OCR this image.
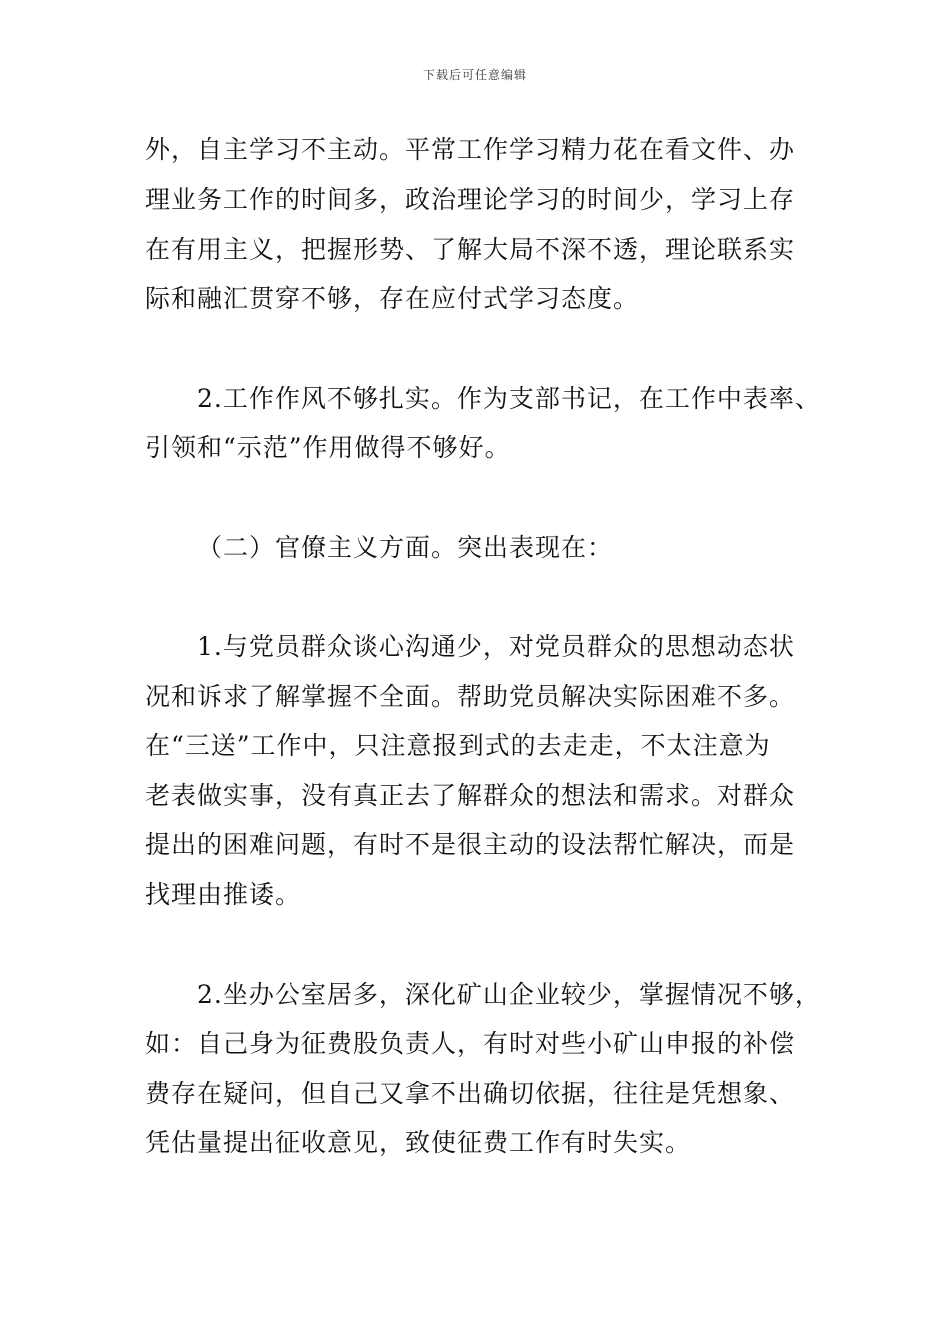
下载后可任意编辑
外，自主学习不主动。平常工作学习精力花在看文件、办
理业务工作的时间多，政治理论学习的时间少，学习上存
在有用主义，把握形势、了解大局不深不透，理论联系实
际和融汇贯穿不够，存在应付式学习态度。
2.工作作风不够扎实。作为支部书记，在工作中表率、
引领和“示范”作用做得不够好。
（二）官僚主义方面。突出表现在：
1.与党员群众谈心沟通少，对党员群众的思想动态状
况和诉求了解掌握不全面。帮助党员解决实际困难不多。
在“三送”工作中，只注意报到式的去走走，不太注意为
老表做实事，没有真正去了解群众的想法和需求。对群众
提出的困难问题，有时不是很主动的设法帮忙解决，而是
找理由推诿。
2.坐办公室居多，深化矿山企业较少，掌握情况不够，
如：自己身为征费股负责人，有时对些小矿山申报的补偿
费存在疑问，但自己又拿不出确切依据，往往是凭想象、
凭估量提出征收意见，致使征费工作有时失实。
